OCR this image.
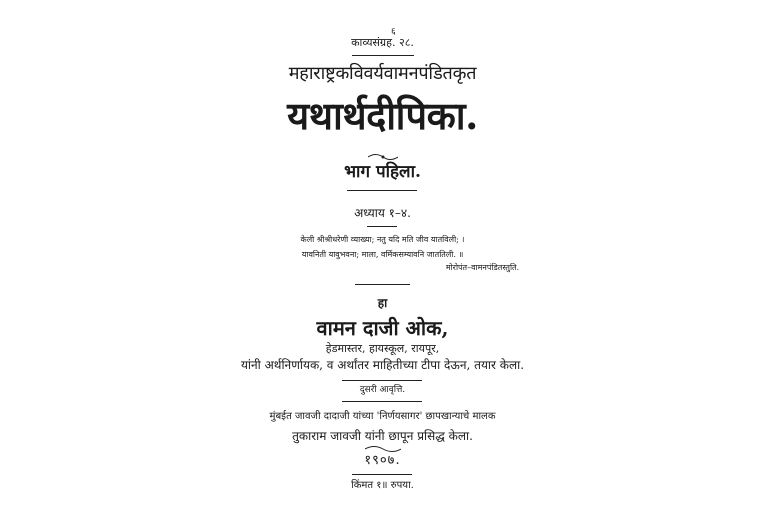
६
काव्यसंग्रह. २८.
महाराष्ट्रकविवर्यवामनपंडितकृत
यथार्थदीपिका.
भाग पहिला.
अध्याय १–४.
केली श्रीश्रीधरेणी व्याख्या; नतु यदि मति जीव यातविली; ।
यावनिती यावुभवना; माला, वर्मिकसम्यावनि जाततिली. ॥
मोरोपंत–वामनपंडितस्तुति.
हा
वामन दाजी ओक,
हेडमास्तर, हायस्कूल, रायपूर,
यांनी अर्थनिर्णायक, व अर्थांतर माहितीच्या टीपा देऊन, तयार केला.
दुसरी आवृत्ति.
मुंबईत जावजी दादाजी यांच्या 'निर्णयसागर' छापखान्याचे मालक
तुकाराम जावजी यांनी छापून प्रसिद्ध केला.
१९०७.
किंमत १॥ रुपया.
